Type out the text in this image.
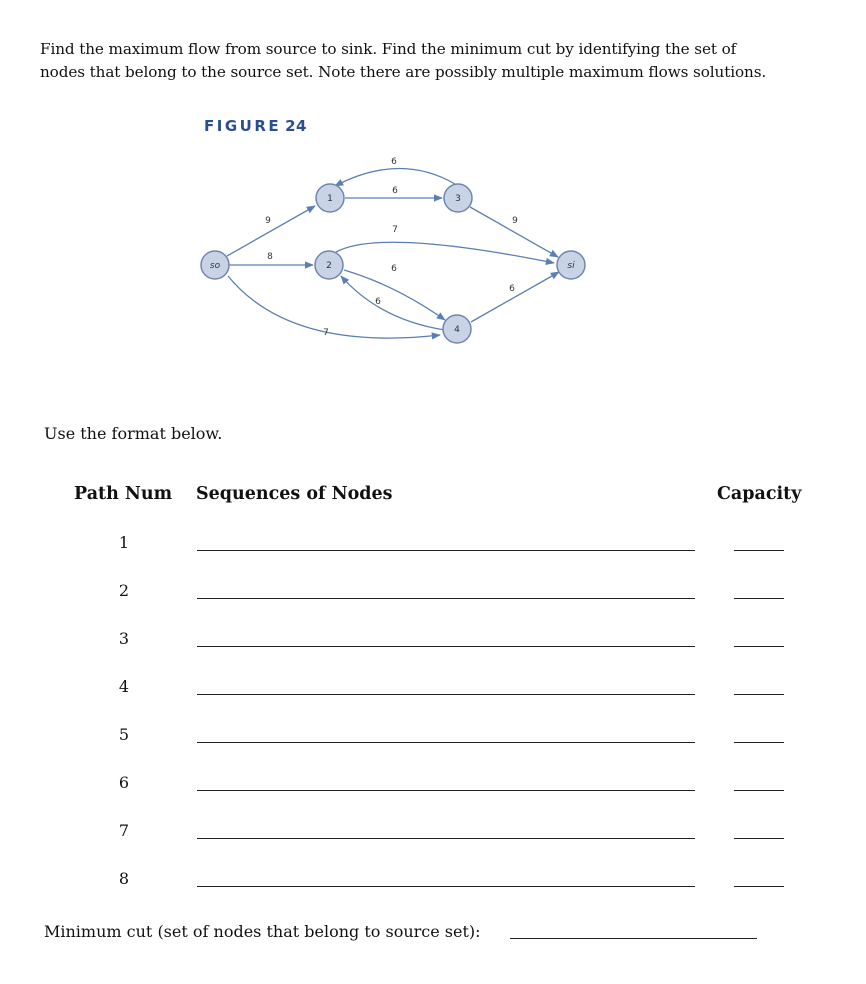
Find the maximum flow from source to sink. Find the minimum cut by identifying the set of
nodes that belong to the source set. Note there are possibly multiple maximum flows solutions.
FIGURE 24
9
8
7
6
6
7
6
6
9
6
so
1
2
3
4
si
Use the format below.
Path Num Sequences of Nodes	Capacity
1
2
3
4
5
6
7
8
Minimum cut (set of nodes that belong to source set):
